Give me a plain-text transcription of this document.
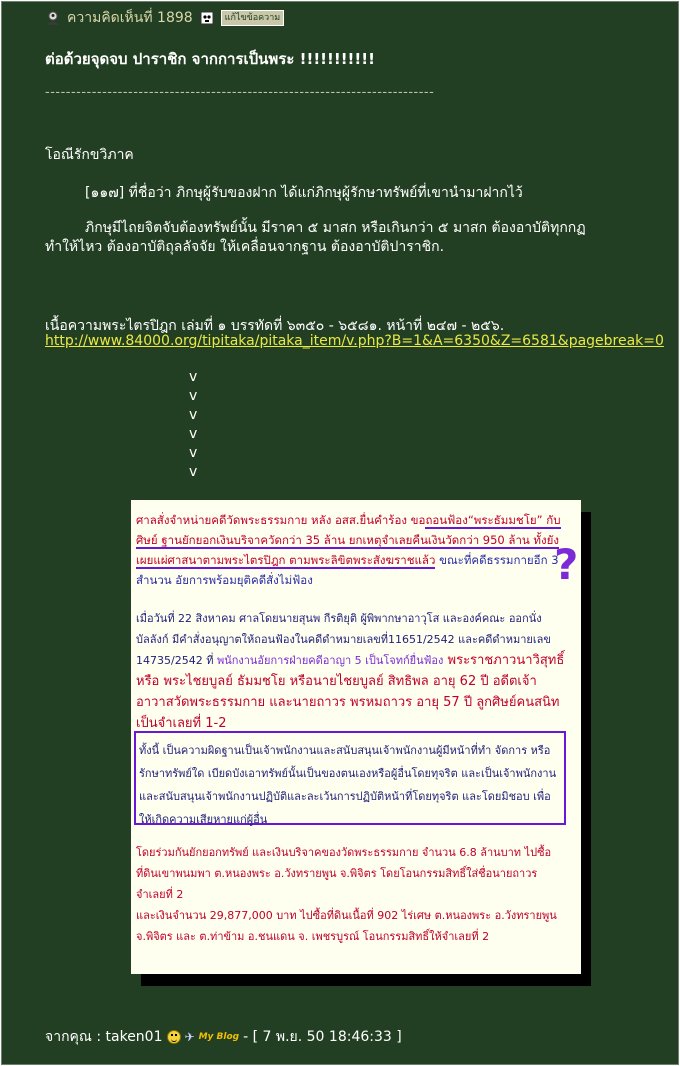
ความคิดเห็นที่ 1898	แก้ไขข้อความ
ต่อด้วยจุดจบ ปาราชิก จากการเป็นพระ !!!!!!!!!!!
---------------------------------------------------------------------------
โอณีรักขวิภาค
[๑๑๗] ที่ชื่อว่า ภิกษุผู้รับของฝาก ได้แก่ภิกษุผู้รักษาทรัพย์ที่เขานำมาฝากไว้
ภิกษุมีไถยจิตจับต้องทรัพย์นั้น มีราคา ๕ มาสก หรือเกินกว่า ๕ มาสก ต้องอาบัติทุกกฏ
ทำให้ไหว ต้องอาบัติถุลลัจจัย ให้เคลื่อนจากฐาน ต้องอาบัติปาราชิก.
เนื้อความพระไตรปิฎก เล่มที่ ๑ บรรทัดที่ ๖๓๕๐ - ๖๕๘๑. หน้าที่ ๒๔๗ - ๒๕๖.
http://www.84000.org/tipitaka/pitaka_item/v.php?B=1&A=6350&Z=6581&pagebreak=0
v
v
v
v
v
v
ศาลสั่งจำหน่ายคดีวัดพระธรรมกาย หลัง อสส.ยื่นคำร้อง ขอถอนฟ้อง“พระธัมมชโย” กับศิษย์ ฐานยักยอกเงินบริจาควัดกว่า 35 ล้าน ยกเหตุจำเลยคืนเงินวัดกว่า 950 ล้าน ทั้งยังเผยแผ่ศาสนาตามพระไตรปิฎก ตามพระลิขิตพระสังฆราชแล้ว ขณะที่คดีธรรมกายอีก 3 สำนวน อัยการพร้อมยุติคดีสั่งไม่ฟ้อง	?
เมื่อวันที่ 22 สิงหาคม ศาลโดยนายสุนพ กีรติยุติ ผู้พิพากษาอาวุโส และองค์คณะ ออกนั่งบัลลังก์ มีคำสั่งอนุญาตให้ถอนฟ้องในคดีดำหมายเลขที่11651/2542 และคดีดำหมายเลข 14735/2542 ที่ พนักงานอัยการฝ่ายคดีอาญา 5 เป็นโจทก์ยื่นฟ้อง พระราชภาวนาวิสุทธิ์ หรือ พระไชยบูลย์ ธัมมชโย หรือนายไชยบูลย์ สิทธิพล อายุ 62 ปี อดีตเจ้าอาวาสวัดพระธรรมกาย และนายถาวร พรหมถาวร อายุ 57 ปี ลูกศิษย์คนสนิท เป็นจำเลยที่ 1-2
ทั้งนี้ เป็นความผิดฐานเป็นเจ้าพนักงานและสนับสนุนเจ้าพนักงานผู้มีหน้าที่ทำ จัดการ หรือรักษาทรัพย์ใด เบียดบังเอาทรัพย์นั้นเป็นของตนเองหรือผู้อื่นโดยทุจริต และเป็นเจ้าพนักงานและสนับสนุนเจ้าพนักงานปฏิบัติและละเว้นการปฏิบัติหน้าที่โดยทุจริต และโดยมิชอบ เพื่อให้เกิดความเสียหายแก่ผู้อื่น
โดยร่วมกันยักยอกทรัพย์ และเงินบริจาคของวัดพระธรรมกาย จำนวน 6.8 ล้านบาท ไปซื้อที่ดินเขาพนมพา ต.หนองพระ อ.วังทรายพูน จ.พิจิตร โดยโอนกรรมสิทธิ์ใส่ชื่อนายถาวร จำเลยที่ 2
และเงินจำนวน 29,877,000 บาท ไปซื้อที่ดินเนื้อที่ 902 ไร่เศษ ต.หนองพระ อ.วังทรายพูน จ.พิจิตร และ ต.ท่าข้าม อ.ชนแดน จ. เพชรบูรณ์ โอนกรรมสิทธิ์ให้จำเลยที่ 2
จากคุณ : taken01 ✈ My Blog - [ 7 พ.ย. 50 18:46:33 ]
